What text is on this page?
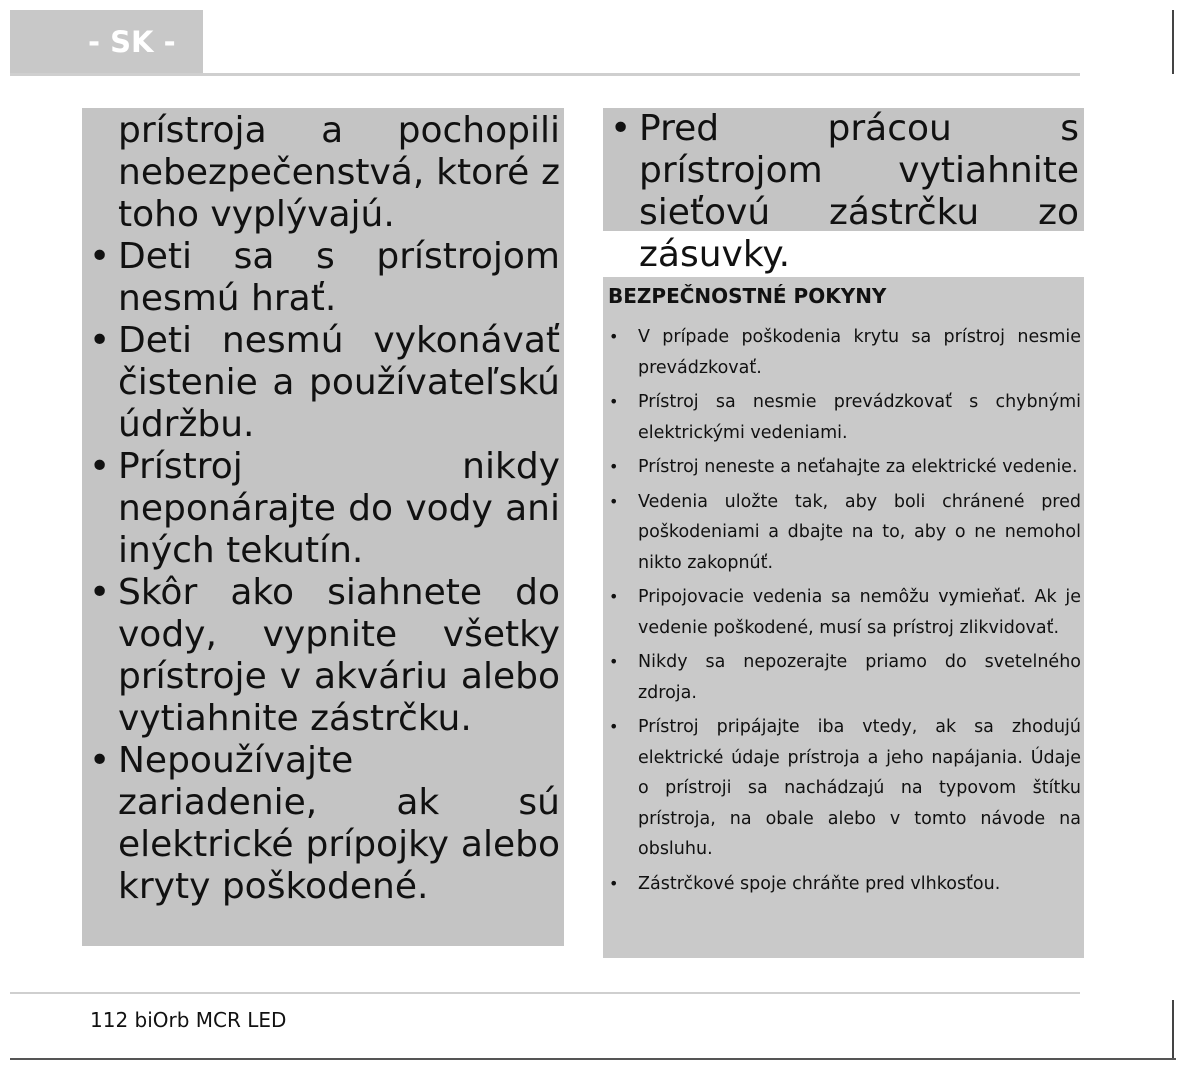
- SK -

prístroja a pochopili nebezpečenstvá, ktoré z toho vyplývajú.

• Deti sa s prístrojom nesmú hrať.

• Deti nesmú vykonávať čistenie a používateľskú údržbu.

• Prístroj nikdy neponárajte do vody ani iných tekutín.

• Skôr ako siahnete do vody, vypnite všetky prístroje v akváriu alebo vytiahnite zástrčku.

• Nepoužívajte zariadenie, ak sú elektrické prípojky alebo kryty poškodené.

• Pred prácou s prístrojom vytiahnite sieťovú zástrčku zo zásuvky.

BEZPEČNOSTNÉ POKYNY

• V prípade poškodenia krytu sa prístroj nesmie prevádzkovať.

• Prístroj sa nesmie prevádzkovať s chybnými elektrickými vedeniami.

• Prístroj neneste a neťahajte za elektrické vedenie.

• Vedenia uložte tak, aby boli chránené pred poškodeniami a dbajte na to, aby o ne nemohol nikto zakopnúť.

• Pripojovacie vedenia sa nemôžu vymieňať. Ak je vedenie poškodené, musí sa prístroj zlikvidovať.

• Nikdy sa nepozerajte priamo do svetelného zdroja.

• Prístroj pripájajte iba vtedy, ak sa zhodujú elektrické údaje prístroja a jeho napájania. Údaje o prístroji sa nachádzajú na typovom štítku prístroja, na obale alebo v tomto návode na obsluhu.

• Zástrčkové spoje chráňte pred vlhkosťou.

112 biOrb MCR LED
